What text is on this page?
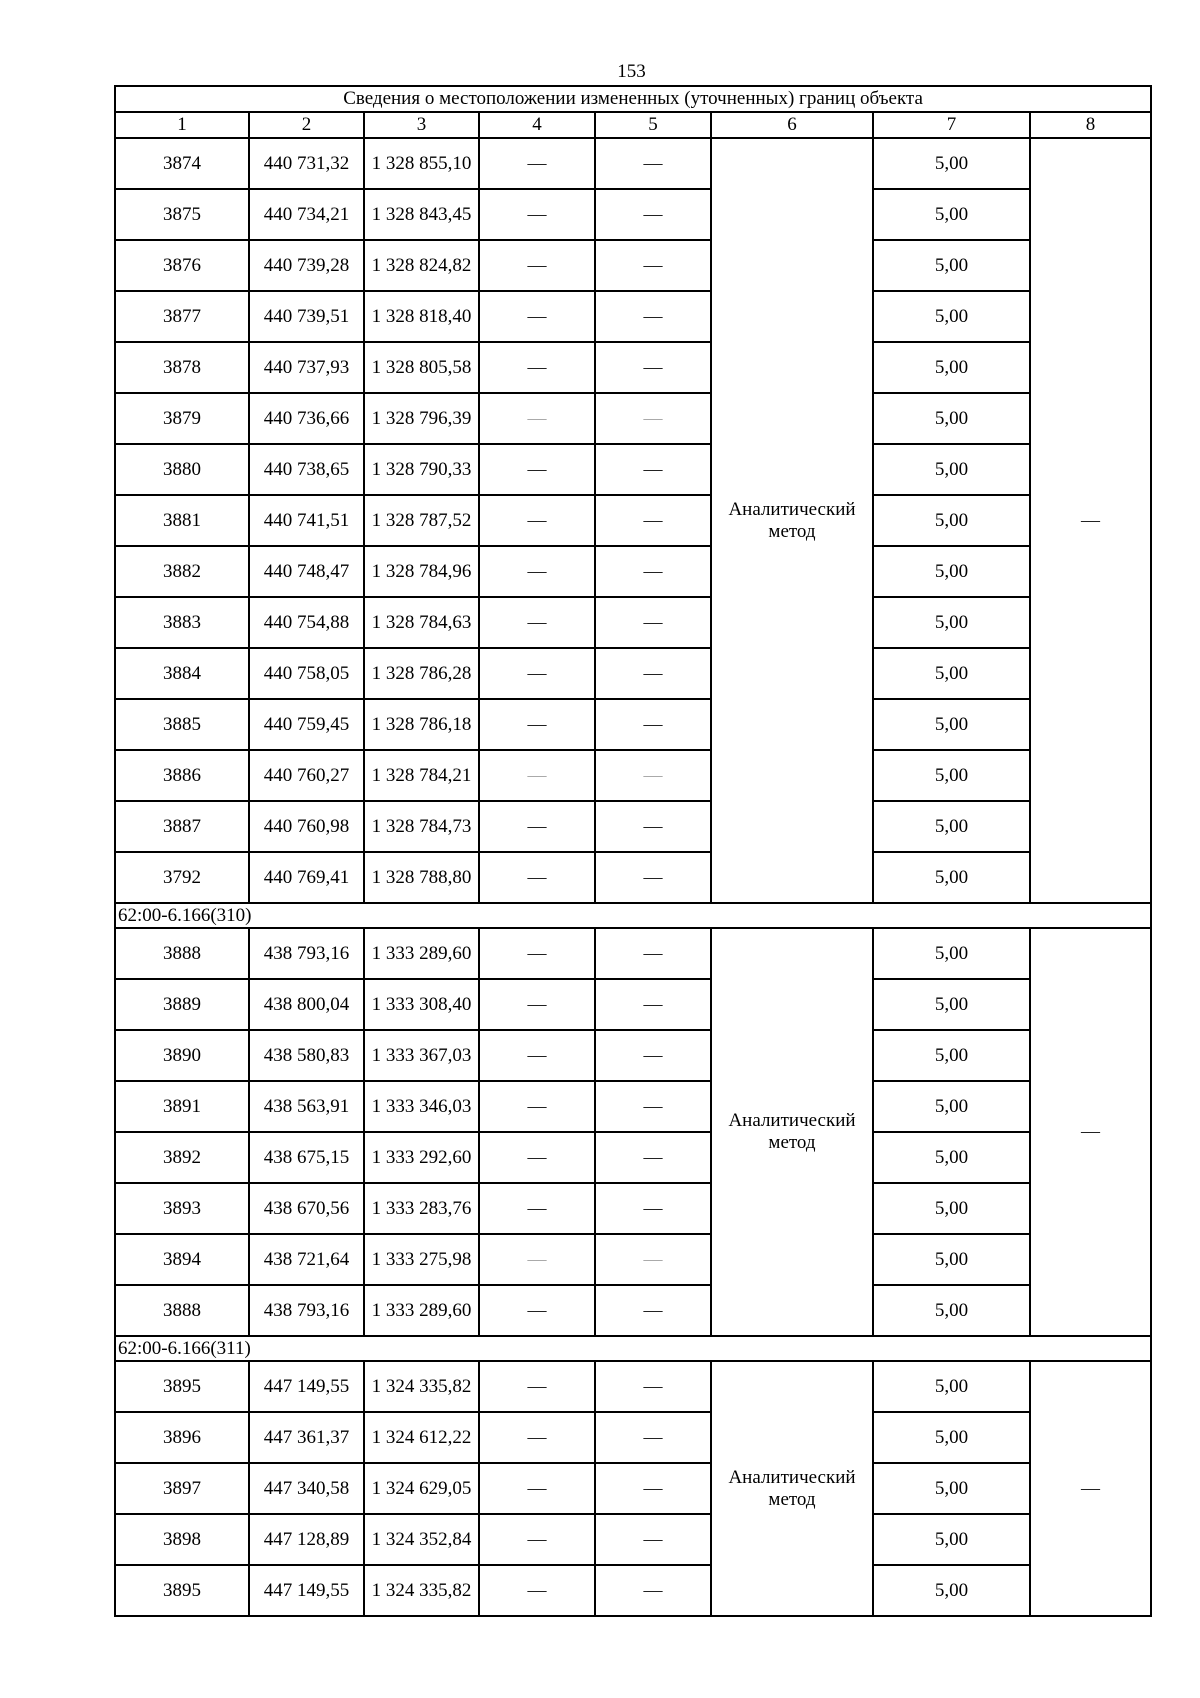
153
Сведения о местоположении измененных (уточненных) границ объекта							
1	2	3	4	5	6	7	8
3874	440 731,32	1 328 855,10	—	—	Аналитический метод	5,00	—
3875	440 734,21	1 328 843,45	—	—		5,00	
3876	440 739,28	1 328 824,82	—	—		5,00	
3877	440 739,51	1 328 818,40	—	—		5,00	
3878	440 737,93	1 328 805,58	—	—		5,00	
3879	440 736,66	1 328 796,39	—	—		5,00	
3880	440 738,65	1 328 790,33	—	—		5,00	
3881	440 741,51	1 328 787,52	—	—		5,00	
3882	440 748,47	1 328 784,96	—	—		5,00	
3883	440 754,88	1 328 784,63	—	—		5,00	
3884	440 758,05	1 328 786,28	—	—		5,00	
3885	440 759,45	1 328 786,18	—	—		5,00	
3886	440 760,27	1 328 784,21	—	—		5,00	
3887	440 760,98	1 328 784,73	—	—		5,00	
3792	440 769,41	1 328 788,80	—	—		5,00	
62:00-6.166(310)							
3888	438 793,16	1 333 289,60	—	—	Аналитический метод	5,00	—
3889	438 800,04	1 333 308,40	—	—		5,00	
3890	438 580,83	1 333 367,03	—	—		5,00	
3891	438 563,91	1 333 346,03	—	—		5,00	
3892	438 675,15	1 333 292,60	—	—		5,00	
3893	438 670,56	1 333 283,76	—	—		5,00	
3894	438 721,64	1 333 275,98	—	—		5,00	
3888	438 793,16	1 333 289,60	—	—		5,00	
62:00-6.166(311)							
3895	447 149,55	1 324 335,82	—	—	Аналитический метод	5,00	—
3896	447 361,37	1 324 612,22	—	—		5,00	
3897	447 340,58	1 324 629,05	—	—		5,00	
3898	447 128,89	1 324 352,84	—	—		5,00	
3895	447 149,55	1 324 335,82	—	—		5,00	
